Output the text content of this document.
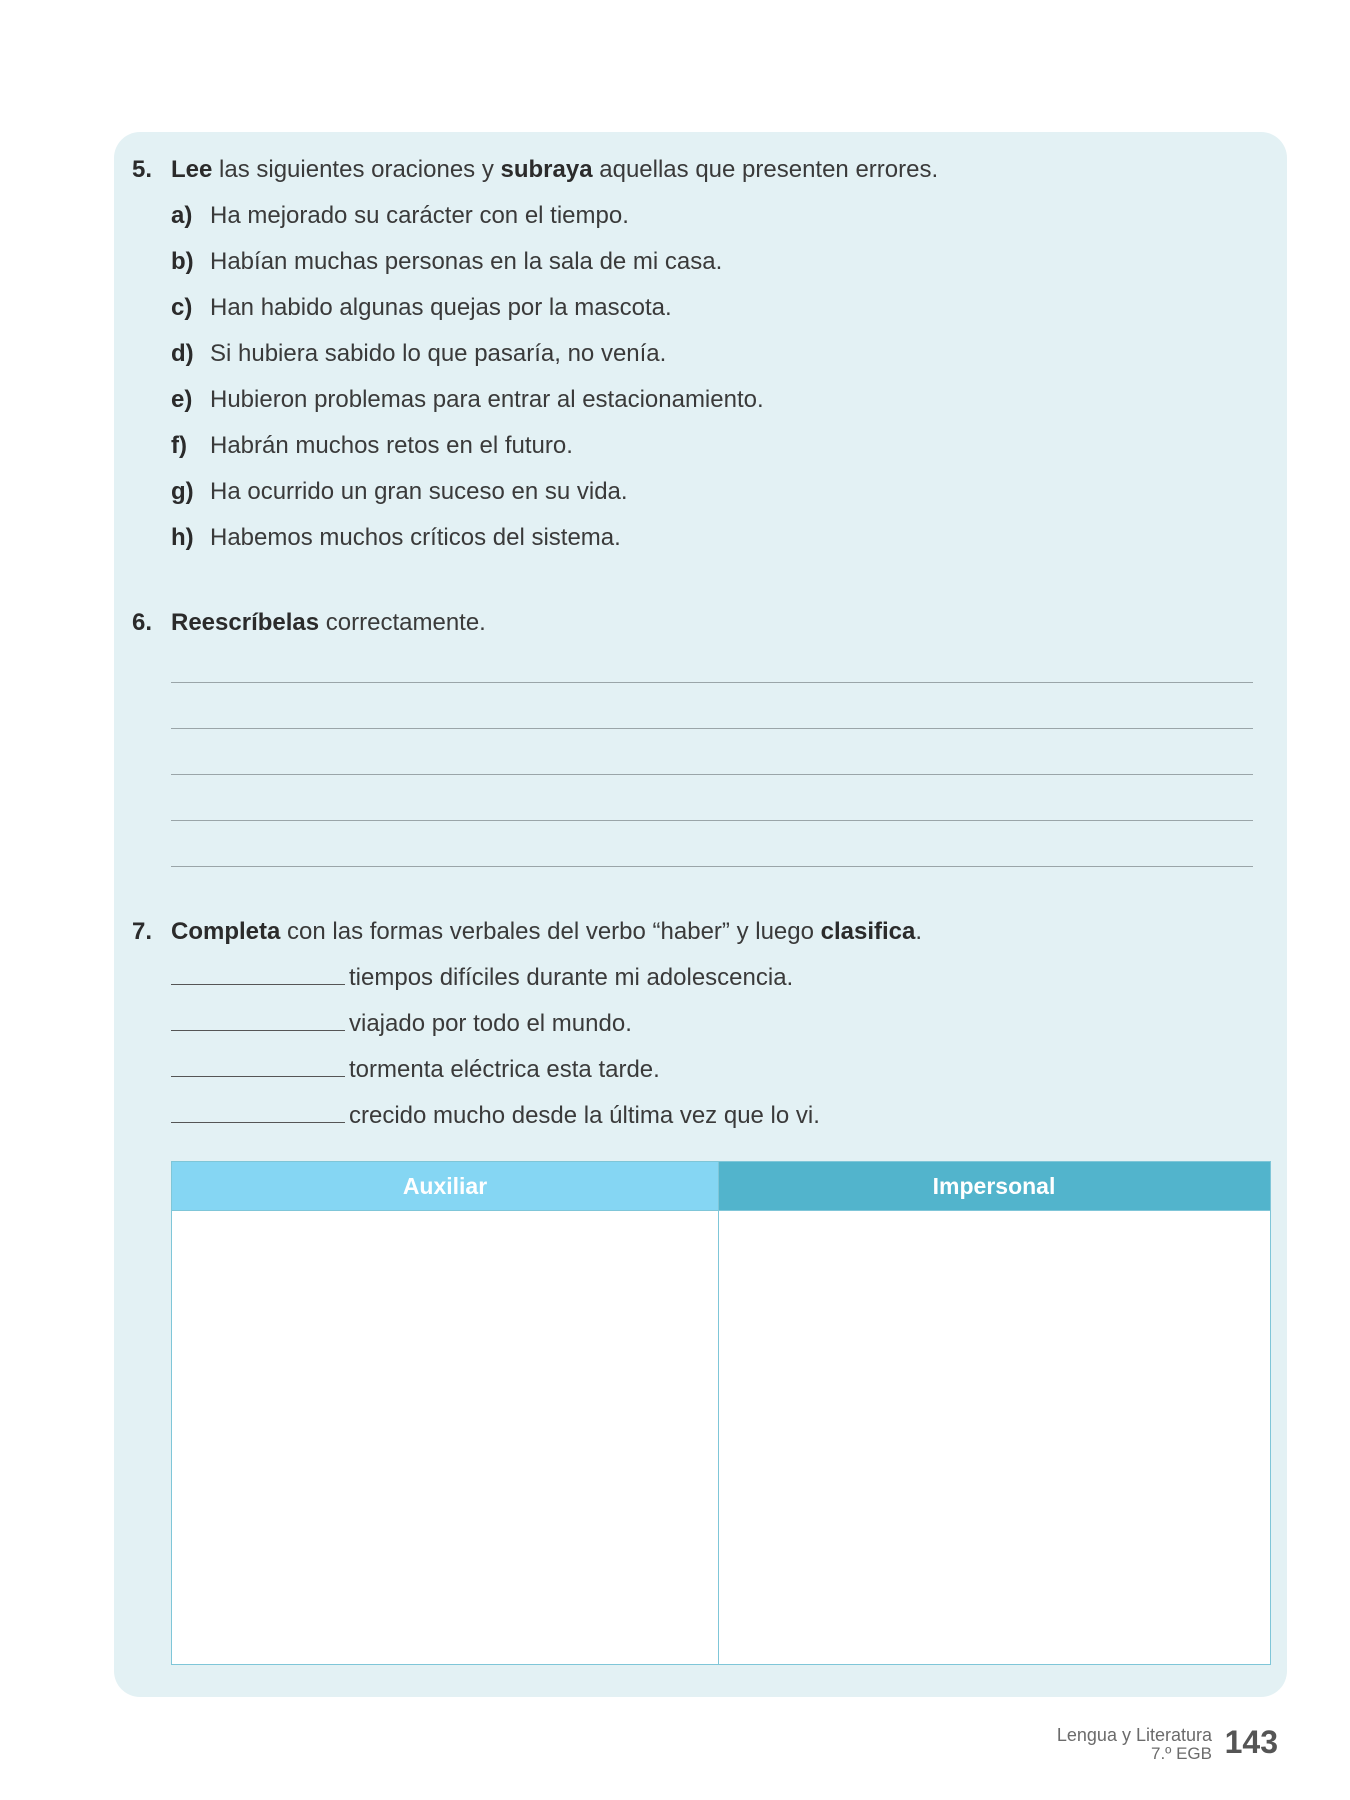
5. Lee las siguientes oraciones y subraya aquellas que presenten errores.
a) Ha mejorado su carácter con el tiempo.
b) Habían muchas personas en la sala de mi casa.
c) Han habido algunas quejas por la mascota.
d) Si hubiera sabido lo que pasaría, no venía.
e) Hubieron problemas para entrar al estacionamiento.
f) Habrán muchos retos en el futuro.
g) Ha ocurrido un gran suceso en su vida.
h) Habemos muchos críticos del sistema.
6. Reescríbelas correctamente.
7. Completa con las formas verbales del verbo “haber” y luego clasifica.
tiempos difíciles durante mi adolescencia.
viajado por todo el mundo.
tormenta eléctrica esta tarde.
crecido mucho desde la última vez que lo vi.
Auxiliar	Impersonal
Lengua y Literatura
7.º EGB 143
